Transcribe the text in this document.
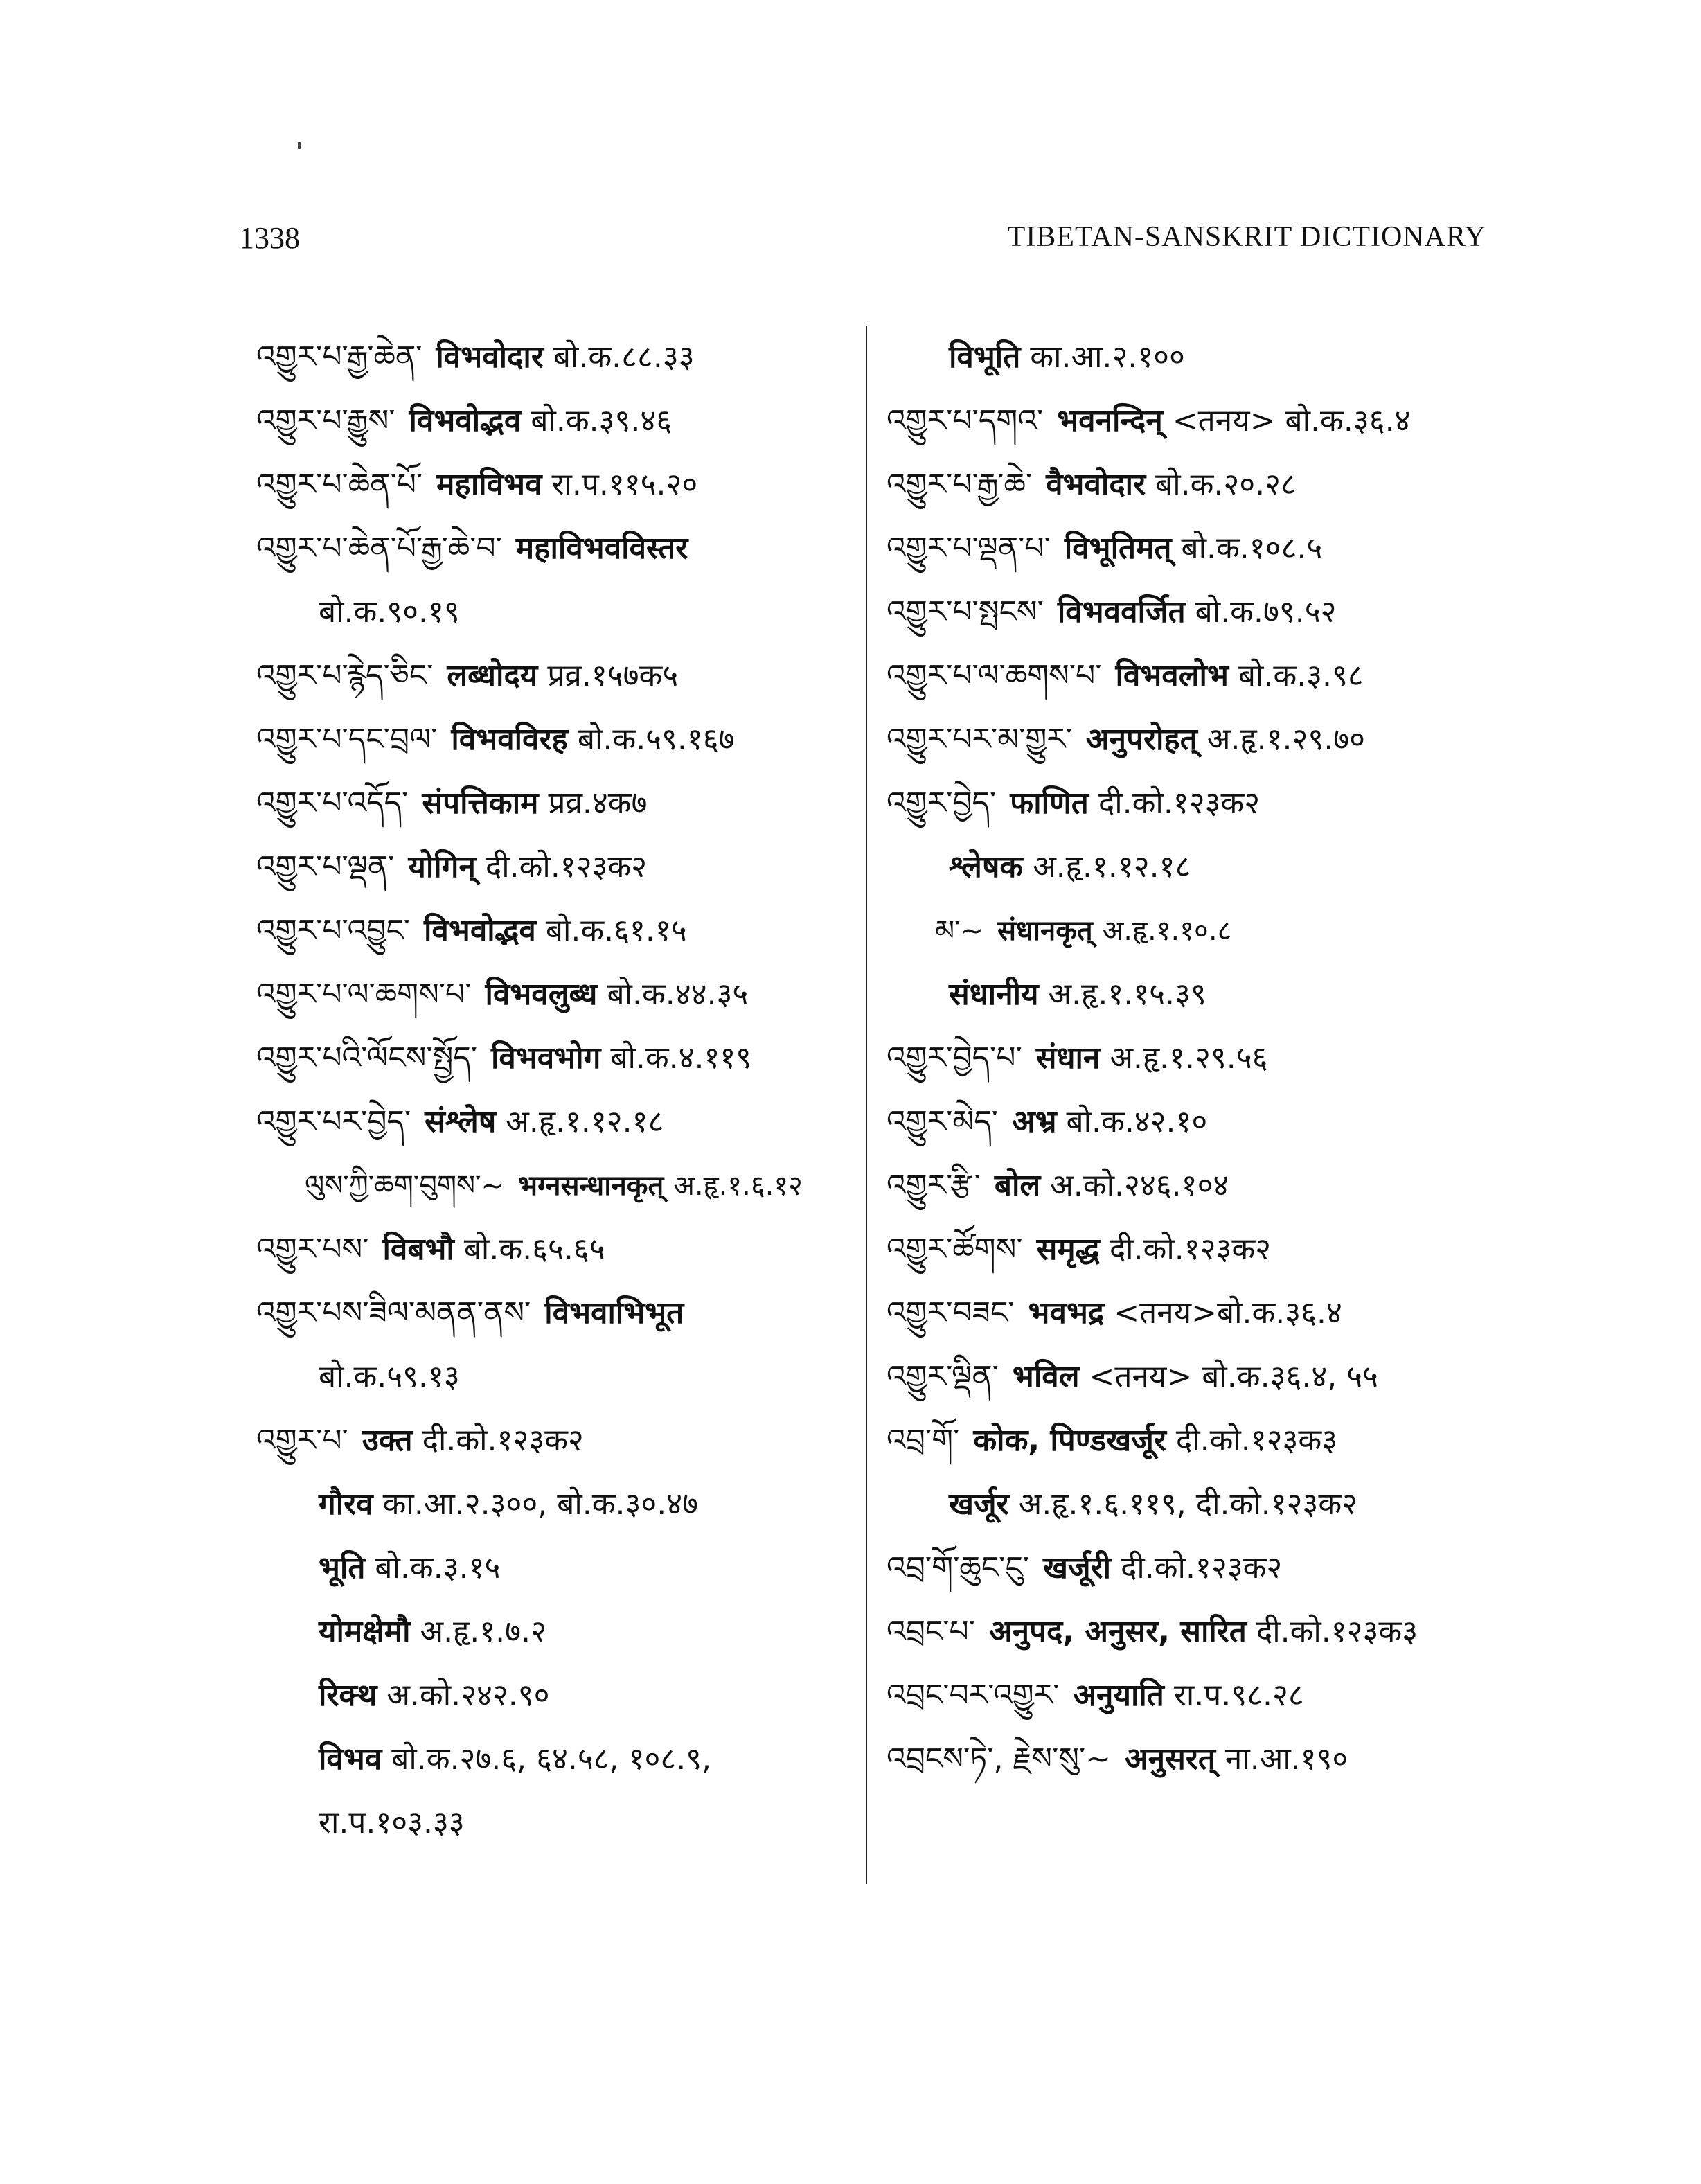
1338	TIBETAN-SANSKRIT DICTIONARY
འགྱུར་པ་རྒྱ་ཆེན་ विभवोदार बो.क.८८.३३
འགྱུར་པ་རྒྱུས་ विभवोद्भव बो.क.३९.४६
འགྱུར་པ་ཆེན་པོ་ महाविभव रा.प.११५.२०
འགྱུར་པ་ཆེན་པོ་རྒྱ་ཆེ་བ་ महाविभवविस्तर
बो.क.९०.१९
འགྱུར་པ་རྙེད་ཅིང་ लब्धोदय प्रव्र.१५७क५
འགྱུར་པ་དང་བྲལ་ विभवविरह बो.क.५९.१६७
འགྱུར་པ་འདོད་ संपत्तिकाम प्रव्र.४क७
འགྱུར་པ་ལྡན་ योगिन् दी.को.१२३क२
འགྱུར་པ་འབྱུང་ विभवोद्भव बो.क.६१.१५
འགྱུར་པ་ལ་ཆགས་པ་ विभवलुब्ध बो.क.४४.३५
འགྱུར་པའི་ལོངས་སྤྱོད་ विभवभोग बो.क.४.११९
འགྱུར་པར་བྱེད་ संश्लेष अ.हृ.१.१२.१८
ལུས་ཀྱི་ཆག་བུགས་~ भग्नसन्धानकृत् अ.हृ.१.६.१२
འགྱུར་པས་ विबभौ बो.क.६५.६५
འགྱུར་པས་ཟིལ་མནན་ནས་ विभवाभिभूत
बो.क.५९.१३
འགྱུར་པ་ उक्त दी.को.१२३क२
गौरव का.आ.२.३००, बो.क.३०.४७
भूति बो.क.३.१५
योमक्षेमौ अ.हृ.१.७.२
रिक्थ अ.को.२४२.९०
विभव बो.क.२७.६, ६४.५८, १०८.९,
रा.प.१०३.३३
विभूति का.आ.२.१००
འགྱུར་པ་དགའ་ भवनन्दिन् <तनय> बो.क.३६.४
འགྱུར་པ་རྒྱ་ཆེ་ वैभवोदार बो.क.२०.२८
འགྱུར་པ་ལྡན་པ་ विभूतिमत् बो.क.१०८.५
འགྱུར་པ་སྤངས་ विभववर्जित बो.क.७९.५२
འགྱུར་པ་ལ་ཆགས་པ་ विभवलोभ बो.क.३.९८
འགྱུར་པར་མ་གྱུར་ अनुपरोहत् अ.हृ.१.२९.७०
འགྱུར་བྱེད་ फाणित दी.को.१२३क२
श्लेषक अ.हृ.१.१२.१८
མ་~ संधानकृत् अ.हृ.१.१०.८
संधानीय अ.हृ.१.१५.३९
འགྱུར་བྱེད་པ་ संधान अ.हृ.१.२९.५६
འགྱུར་མེད་ अभ्र बो.क.४२.१०
འགྱུར་རྩི་ बोल अ.को.२४६.१०४
འགྱུར་ཚོགས་ समृद्ध दी.को.१२३क२
འགྱུར་བཟང་ भवभद्र <तनय>बो.क.३६.४
འགྱུར་ལྡིན་ भविल <तनय> बो.क.३६.४, ५५
འབྲ་གོ་ कोक, पिण्डखर्जूर दी.को.१२३क३
खर्जूर अ.हृ.१.६.११९, दी.को.१२३क२
འབྲ་གོ་ཆུང་ངུ་ खर्जूरी दी.को.१२३क२
འབྲང་པ་ अनुपद, अनुसर, सारित दी.को.१२३क३
འབྲང་བར་འགྱུར་ अनुयाति रा.प.९८.२८
འབྲངས་ཏེ་, རྗེས་སུ་~ अनुसरत् ना.आ.१९०
